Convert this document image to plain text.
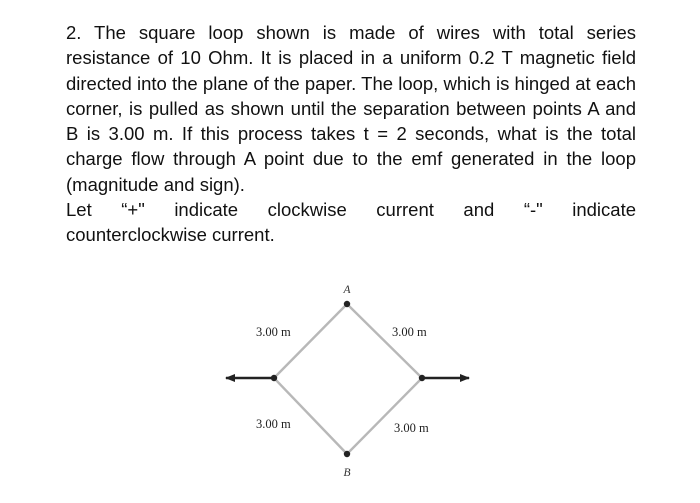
2. The square loop shown is made of wires with total series resistance of 10 Ohm. It is placed in a uniform 0.2 T magnetic field directed into the plane of the paper. The loop, which is hinged at each corner, is pulled as shown until the separation between points A and B is 3.00 m. If this process takes t = 2 seconds, what is the total charge flow through A point due to the emf generated in the loop (magnitude and sign).

Let “+" indicate clockwise current and “-" indicate

counterclockwise current.

A
B
3.00 m	3.00 m
3.00 m	3.00 m
